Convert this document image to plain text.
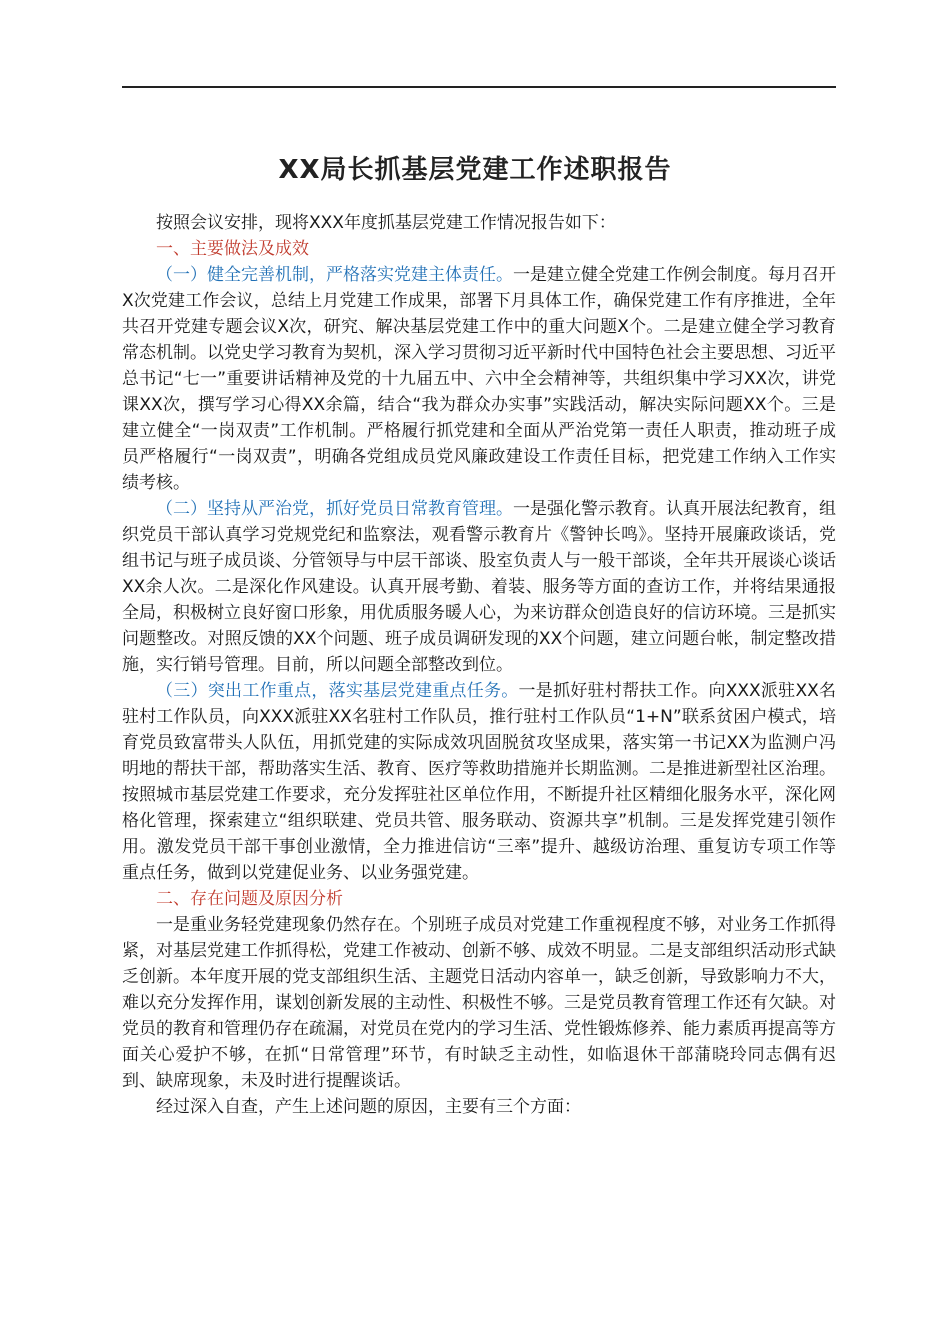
XX局长抓基层党建工作述职报告

按照会议安排，现将XXX年度抓基层党建工作情况报告如下：

一、主要做法及成效

（一）健全完善机制，严格落实党建主体责任。一是建立健全党建工作例会制度。每月召开X次党建工作会议，总结上月党建工作成果，部署下月具体工作，确保党建工作有序推进，全年共召开党建专题会议X次，研究、解决基层党建工作中的重大问题X个。二是建立健全学习教育常态机制。以党史学习教育为契机，深入学习贯彻习近平新时代中国特色社会主要思想、习近平总书记“七一”重要讲话精神及党的十九届五中、六中全会精神等，共组织集中学习XX次，讲党课XX次，撰写学习心得XX余篇，结合“我为群众办实事”实践活动，解决实际问题XX个。三是建立健全“一岗双责”工作机制。严格履行抓党建和全面从严治党第一责任人职责，推动班子成员严格履行“一岗双责”，明确各党组成员党风廉政建设工作责任目标，把党建工作纳入工作实绩考核。

（二）坚持从严治党，抓好党员日常教育管理。一是强化警示教育。认真开展法纪教育，组织党员干部认真学习党规党纪和监察法，观看警示教育片《警钟长鸣》。坚持开展廉政谈话，党组书记与班子成员谈、分管领导与中层干部谈、股室负责人与一般干部谈，全年共开展谈心谈话XX余人次。二是深化作风建设。认真开展考勤、着装、服务等方面的查访工作，并将结果通报全局，积极树立良好窗口形象，用优质服务暖人心，为来访群众创造良好的信访环境。三是抓实问题整改。对照反馈的XX个问题、班子成员调研发现的XX个问题，建立问题台帐，制定整改措施，实行销号管理。目前，所以问题全部整改到位。

（三）突出工作重点，落实基层党建重点任务。一是抓好驻村帮扶工作。向XXX派驻XX名驻村工作队员，向XXX派驻XX名驻村工作队员，推行驻村工作队员“1+N”联系贫困户模式，培育党员致富带头人队伍，用抓党建的实际成效巩固脱贫攻坚成果，落实第一书记XX为监测户冯明地的帮扶干部，帮助落实生活、教育、医疗等救助措施并长期监测。二是推进新型社区治理。按照城市基层党建工作要求，充分发挥驻社区单位作用，不断提升社区精细化服务水平，深化网格化管理，探索建立“组织联建、党员共管、服务联动、资源共享”机制。三是发挥党建引领作用。激发党员干部干事创业激情，全力推进信访“三率”提升、越级访治理、重复访专项工作等重点任务，做到以党建促业务、以业务强党建。

二、存在问题及原因分析

一是重业务轻党建现象仍然存在。个别班子成员对党建工作重视程度不够，对业务工作抓得紧，对基层党建工作抓得松，党建工作被动、创新不够、成效不明显。二是支部组织活动形式缺乏创新。本年度开展的党支部组织生活、主题党日活动内容单一，缺乏创新，导致影响力不大，难以充分发挥作用，谋划创新发展的主动性、积极性不够。三是党员教育管理工作还有欠缺。对党员的教育和管理仍存在疏漏，对党员在党内的学习生活、党性锻炼修养、能力素质再提高等方面关心爱护不够，在抓“日常管理”环节，有时缺乏主动性，如临退休干部蒲晓玲同志偶有迟到、缺席现象，未及时进行提醒谈话。

经过深入自查，产生上述问题的原因，主要有三个方面：
